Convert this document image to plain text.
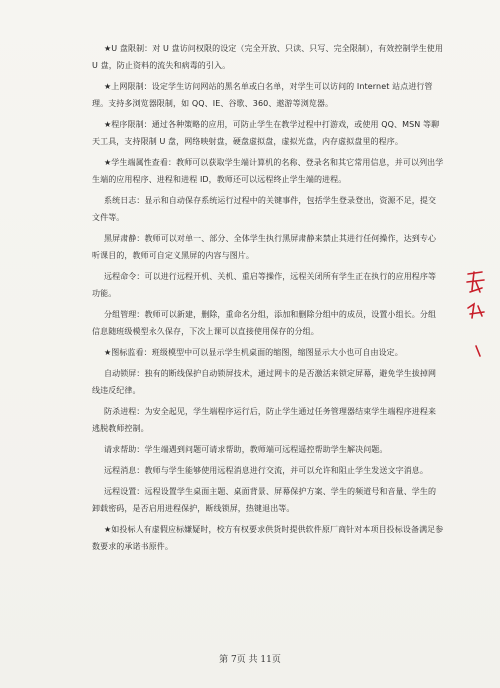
★U 盘限制：对 U 盘访问权限的设定（完全开放、只读、只写、完全限制），有效控制学生使用U 盘，防止资料的流失和病毒的引入。

★上网限制：设定学生访问网站的黑名单或白名单，对学生可以访问的 Internet 站点进行管理。支持多浏览器限制，如 QQ、IE、谷歌、360、遨游等浏览器。

★程序限制：通过各种策略的应用，可防止学生在教学过程中打游戏，或使用 QQ、MSN 等聊天工具，支持限制 U 盘，网络映射盘，硬盘虚拟盘，虚拟光盘，内存虚拟盘里的程序。

★学生端属性查看：教师可以获取学生端计算机的名称、登录名和其它常用信息，并可以列出学生端的应用程序、进程和进程 ID，教师还可以远程终止学生端的进程。

系统日志：显示和自动保存系统运行过程中的关键事件，包括学生登录登出，资源不足，提交文件等。

黑屏肃静：教师可以对单一、部分、全体学生执行黑屏肃静来禁止其进行任何操作，达到专心听课目的，教师可自定义黑屏的内容与图片。

远程命令：可以进行远程开机、关机、重启等操作，远程关闭所有学生正在执行的应用程序等功能。

分组管理：教师可以新建，删除，重命名分组，添加和删除分组中的成员，设置小组长。分组信息随班级模型永久保存，下次上课可以直接使用保存的分组。

★图标监看：班级模型中可以显示学生机桌面的缩图，缩图显示大小也可自由设定。

自动锁屏：独有的断线保护自动锁屏技术，通过网卡的是否激活来锁定屏幕，避免学生拔掉网线违反纪律。

防杀进程：为安全起见，学生端程序运行后，防止学生通过任务管理器结束学生端程序进程来逃脱教师控制。

请求帮助：学生端遇到问题可请求帮助，教师端可远程遥控帮助学生解决问题。

远程消息：教师与学生能够使用远程消息进行交流，并可以允许和阻止学生发送文字消息。

远程设置：远程设置学生桌面主题、桌面背景、屏幕保护方案、学生的频道号和音量、学生的卸载密码，是否启用进程保护，断线锁屏，热键退出等。

★如投标人有虚假应标嫌疑时，校方有权要求供货时提供软件原厂商针对本项目投标设备满足参数要求的承诺书原件。

第 7页 共 11页
